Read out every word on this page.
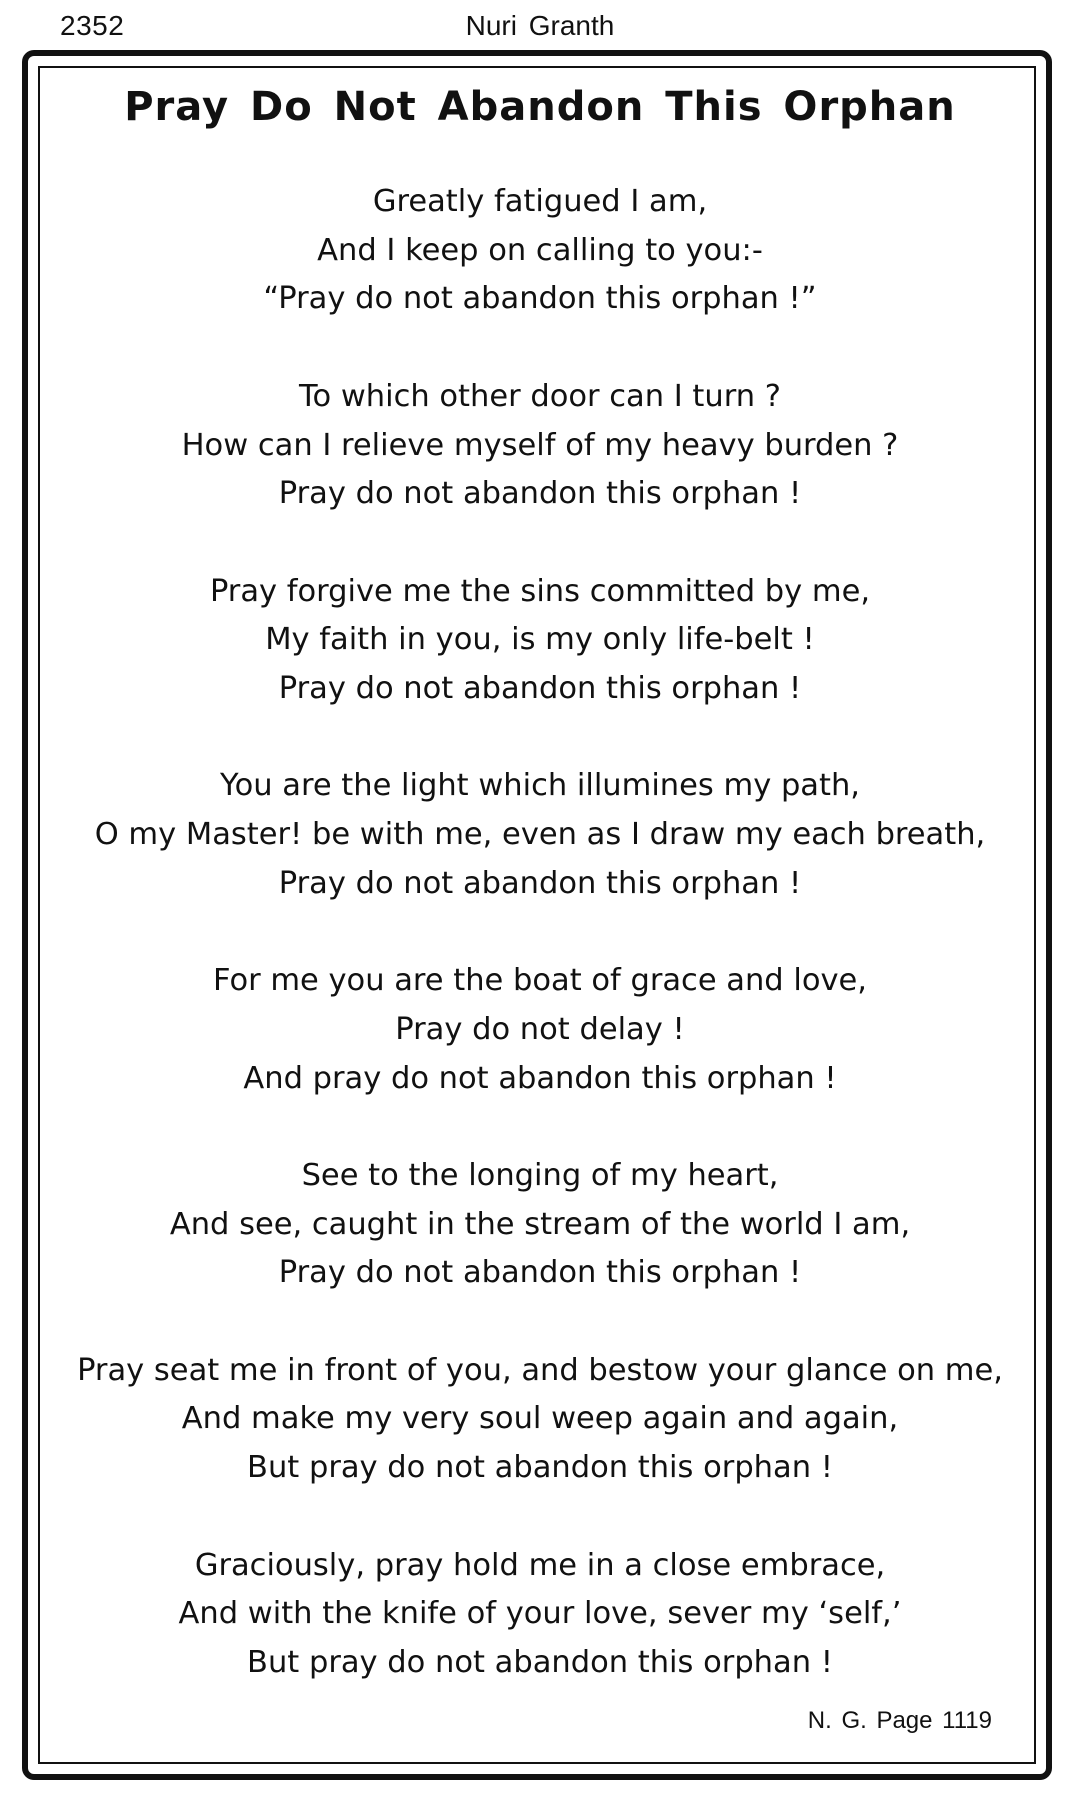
2352	Nuri Granth
Pray Do Not Abandon This Orphan
Greatly fatigued I am,
And I keep on calling to you:-
“Pray do not abandon this orphan !”
To which other door can I turn ?
How can I relieve myself of my heavy burden ?
Pray do not abandon this orphan !
Pray forgive me the sins committed by me,
My faith in you, is my only life-belt !
Pray do not abandon this orphan !
You are the light which illumines my path,
O my Master! be with me, even as I draw my each breath,
Pray do not abandon this orphan !
For me you are the boat of grace and love,
Pray do not delay !
And pray do not abandon this orphan !
See to the longing of my heart,
And see, caught in the stream of the world I am,
Pray do not abandon this orphan !
Pray seat me in front of you, and bestow your glance on me,
And make my very soul weep again and again,
But pray do not abandon this orphan !
Graciously, pray hold me in a close embrace,
And with the knife of your love, sever my ‘self,’
But pray do not abandon this orphan !
N. G. Page 1119
